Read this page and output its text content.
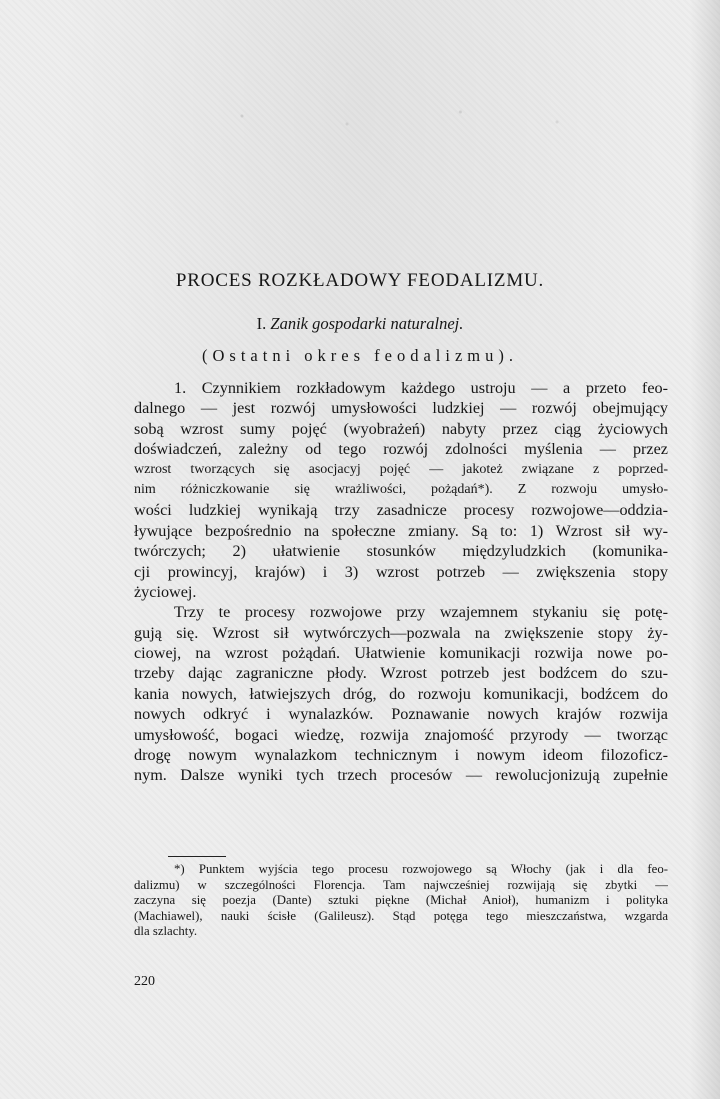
PROCES ROZKŁADOWY FEODALIZMU.

I. Zanik gospodarki naturalnej.

(Ostatni okres feodalizmu).

1. Czynnikiem rozkładowym każdego ustroju — a przeto feo-
dalnego — jest rozwój umysłowości ludzkiej — rozwój obejmujący
sobą wzrost sumy pojęć (wyobrażeń) nabyty przez ciąg życiowych
doświadczeń, zależny od tego rozwój zdolności myślenia — przez
wzrost tworzących się asocjacyj pojęć — jakoteż związane z poprzed-
nim różniczkowanie się wrażliwości, pożądań*). Z rozwoju umysło-
wości ludzkiej wynikają trzy zasadnicze procesy rozwojowe—oddzia-
ływujące bezpośrednio na społeczne zmiany. Są to: 1) Wzrost sił wy-
twórczych; 2) ułatwienie stosunków międzyludzkich (komunika-
cji prowincyj, krajów) i 3) wzrost potrzeb — zwiększenia stopy
życiowej.
Trzy te procesy rozwojowe przy wzajemnem stykaniu się potę-
gują się. Wzrost sił wytwórczych—pozwala na zwiększenie stopy ży-
ciowej, na wzrost pożądań. Ułatwienie komunikacji rozwija nowe po-
trzeby dając zagraniczne płody. Wzrost potrzeb jest bodźcem do szu-
kania nowych, łatwiejszych dróg, do rozwoju komunikacji, bodźcem do
nowych odkryć i wynalazków. Poznawanie nowych krajów rozwija
umysłowość, bogaci wiedzę, rozwija znajomość przyrody — tworząc
drogę nowym wynalazkom technicznym i nowym ideom filozoficz-
nym. Dalsze wyniki tych trzech procesów — rewolucjonizują zupełnie
*) Punktem wyjścia tego procesu rozwojowego są Włochy (jak i dla feo-
dalizmu) w szczególności Florencja. Tam najwcześniej rozwijają się zbytki —
zaczyna się poezja (Dante) sztuki piękne (Michał Anioł), humanizm i polityka
(Machiawel), nauki ścisłe (Galileusz). Stąd potęga tego mieszczaństwa, wzgarda
dla szlachty.
220
